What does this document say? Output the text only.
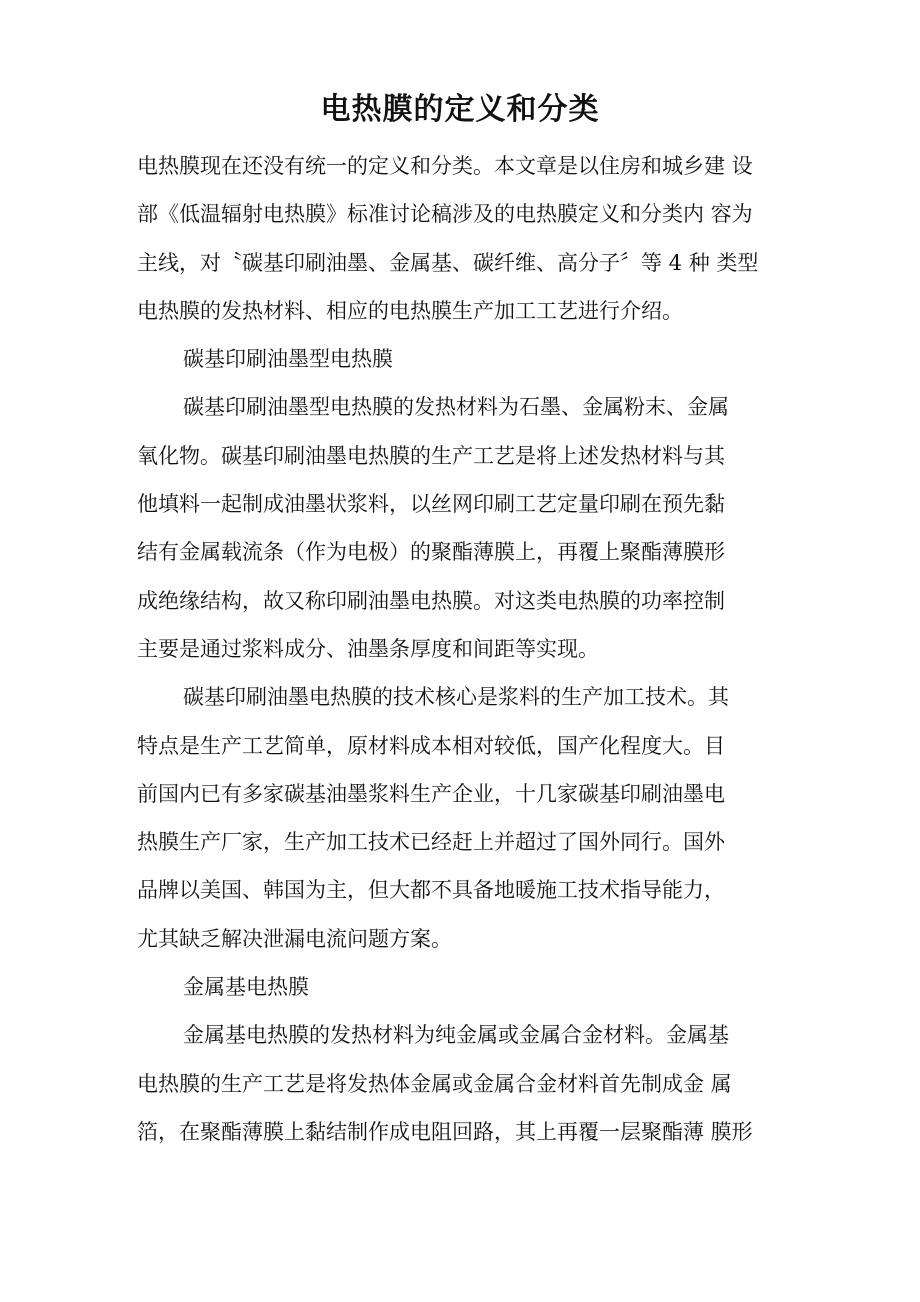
电热膜的定义和分类
电热膜现在还没有统一的定义和分类。本文章是以住房和城乡建 设
部《低温辐射电热膜》标准讨论稿涉及的电热膜定义和分类内 容为
主线，对〝碳基印刷油墨、金属基、碳纤维、高分子〞等 4 种 类型
电热膜的发热材料、相应的电热膜生产加工工艺进行介绍。
碳基印刷油墨型电热膜
碳基印刷油墨型电热膜的发热材料为石墨、金属粉末、金属
氧化物。碳基印刷油墨电热膜的生产工艺是将上述发热材料与其
他填料一起制成油墨状浆料，以丝网印刷工艺定量印刷在预先黏
结有金属载流条（作为电极）的聚酯薄膜上，再覆上聚酯薄膜形
成绝缘结构，故又称印刷油墨电热膜。对这类电热膜的功率控制
主要是通过浆料成分、油墨条厚度和间距等实现。
碳基印刷油墨电热膜的技术核心是浆料的生产加工技术。其
特点是生产工艺简单，原材料成本相对较低，国产化程度大。目
前国内已有多家碳基油墨浆料生产企业，十几家碳基印刷油墨电
热膜生产厂家，生产加工技术已经赶上并超过了国外同行。国外
品牌以美国、韩国为主，但大都不具备地暖施工技术指导能力，
尤其缺乏解决泄漏电流问题方案。
金属基电热膜
金属基电热膜的发热材料为纯金属或金属合金材料。金属基
电热膜的生产工艺是将发热体金属或金属合金材料首先制成金 属
箔，在聚酯薄膜上黏结制作成电阻回路，其上再覆一层聚酯薄 膜形
